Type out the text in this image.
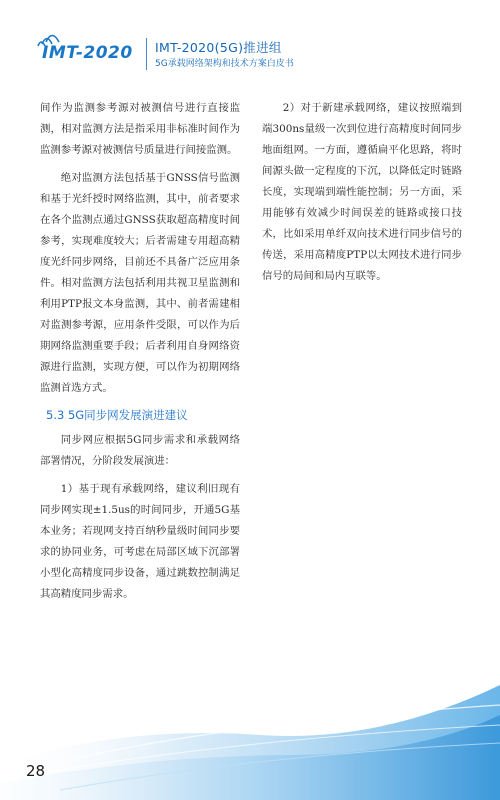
IMT-2020 IMT-2020(5G)推进组
5G承载网络架构和技术方案白皮书

间作为监测参考源对被测信号进行直接监测，相对监测方法是指采用非标准时间作为监测参考源对被测信号质量进行间接监测。

绝对监测方法包括基于GNSS信号监测和基于光纤授时网络监测，其中，前者要求在各个监测点通过GNSS获取超高精度时间参考，实现难度较大；后者需建专用超高精度光纤同步网络，目前还不具备广泛应用条件。相对监测方法包括利用共视卫星监测和利用PTP报文本身监测，其中、前者需建相对监测参考源，应用条件受限，可以作为后期网络监测重要手段；后者利用自身网络资源进行监测，实现方便，可以作为初期网络监测首选方式。

5.3 5G同步网发展演进建议

同步网应根据5G同步需求和承载网络部署情况，分阶段发展演进：

1）基于现有承载网络，建议利旧现有同步网实现±1.5us的时间同步，开通5G基本业务；若现网支持百纳秒量级时间同步要求的协同业务，可考虑在局部区域下沉部署小型化高精度同步设备，通过跳数控制满足其高精度同步需求。

2）对于新建承载网络，建议按照端到端300ns量级一次到位进行高精度时间同步地面组网。一方面，遵循扁平化思路，将时间源头做一定程度的下沉，以降低定时链路长度，实现端到端性能控制；另一方面，采用能够有效减少时间误差的链路或接口技术，比如采用单纤双向技术进行同步信号的传送，采用高精度PTP以太网技术进行同步信号的局间和局内互联等。

28
